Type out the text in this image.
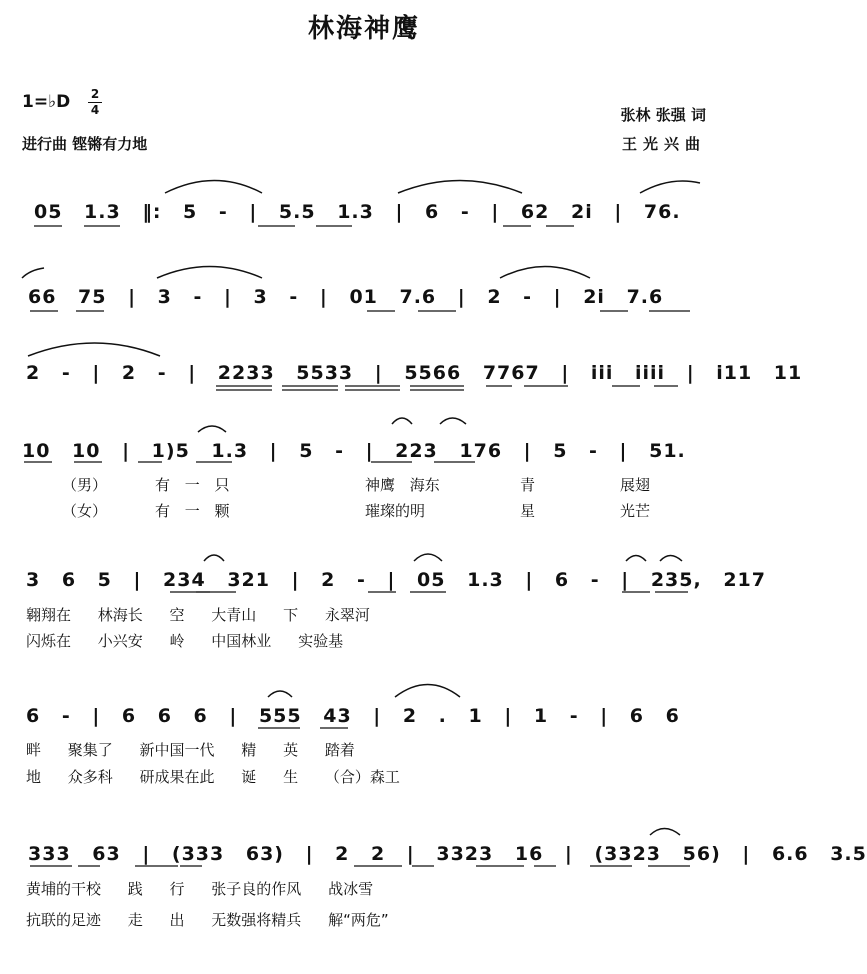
林海神鹰
1=♭D 2
4
进行曲 铿锵有力地
张林 张强 词
王光兴曲
05 1.3 ‖: 5 - | 5.5 1.3 | 6 - | 62 2i | 76.
66 75 | 3 - | 3 - | 01 7.6 | 2 - | 2i 7.6
2 - | 2 - | 2233 5533 | 5566 7767 | iii iiii | i11 11
10 10 | 1)5 1.3 | 5 - | 223 176 | 5 - | 51.
3 6 5 | 234 321 | 2 - | 05 1.3 | 6 - | 235, 217
6 - | 6 6 6 | 555 43 | 2 . 1 | 1 - | 6 6
333 63 | (333 63) | 2 2 | 3323 16 | (3323 56) | 6.6 3.5
（男）	有 一 只	神鹰 海东	青	展翅
（女）	有 一 颗	璀璨的明	星	光芒
翱翔在 林海长 空 大青山 下 永翠河
闪烁在 小兴安 岭 中国林业 实验基
畔 聚集了 新中国一代 精 英 踏着
地 众多科 研成果在此 诞 生 （合）森工
黄埔的干校 践 行 张子良的作风 战冰雪
抗联的足迹 走 出 无数强将精兵 解“两危”
